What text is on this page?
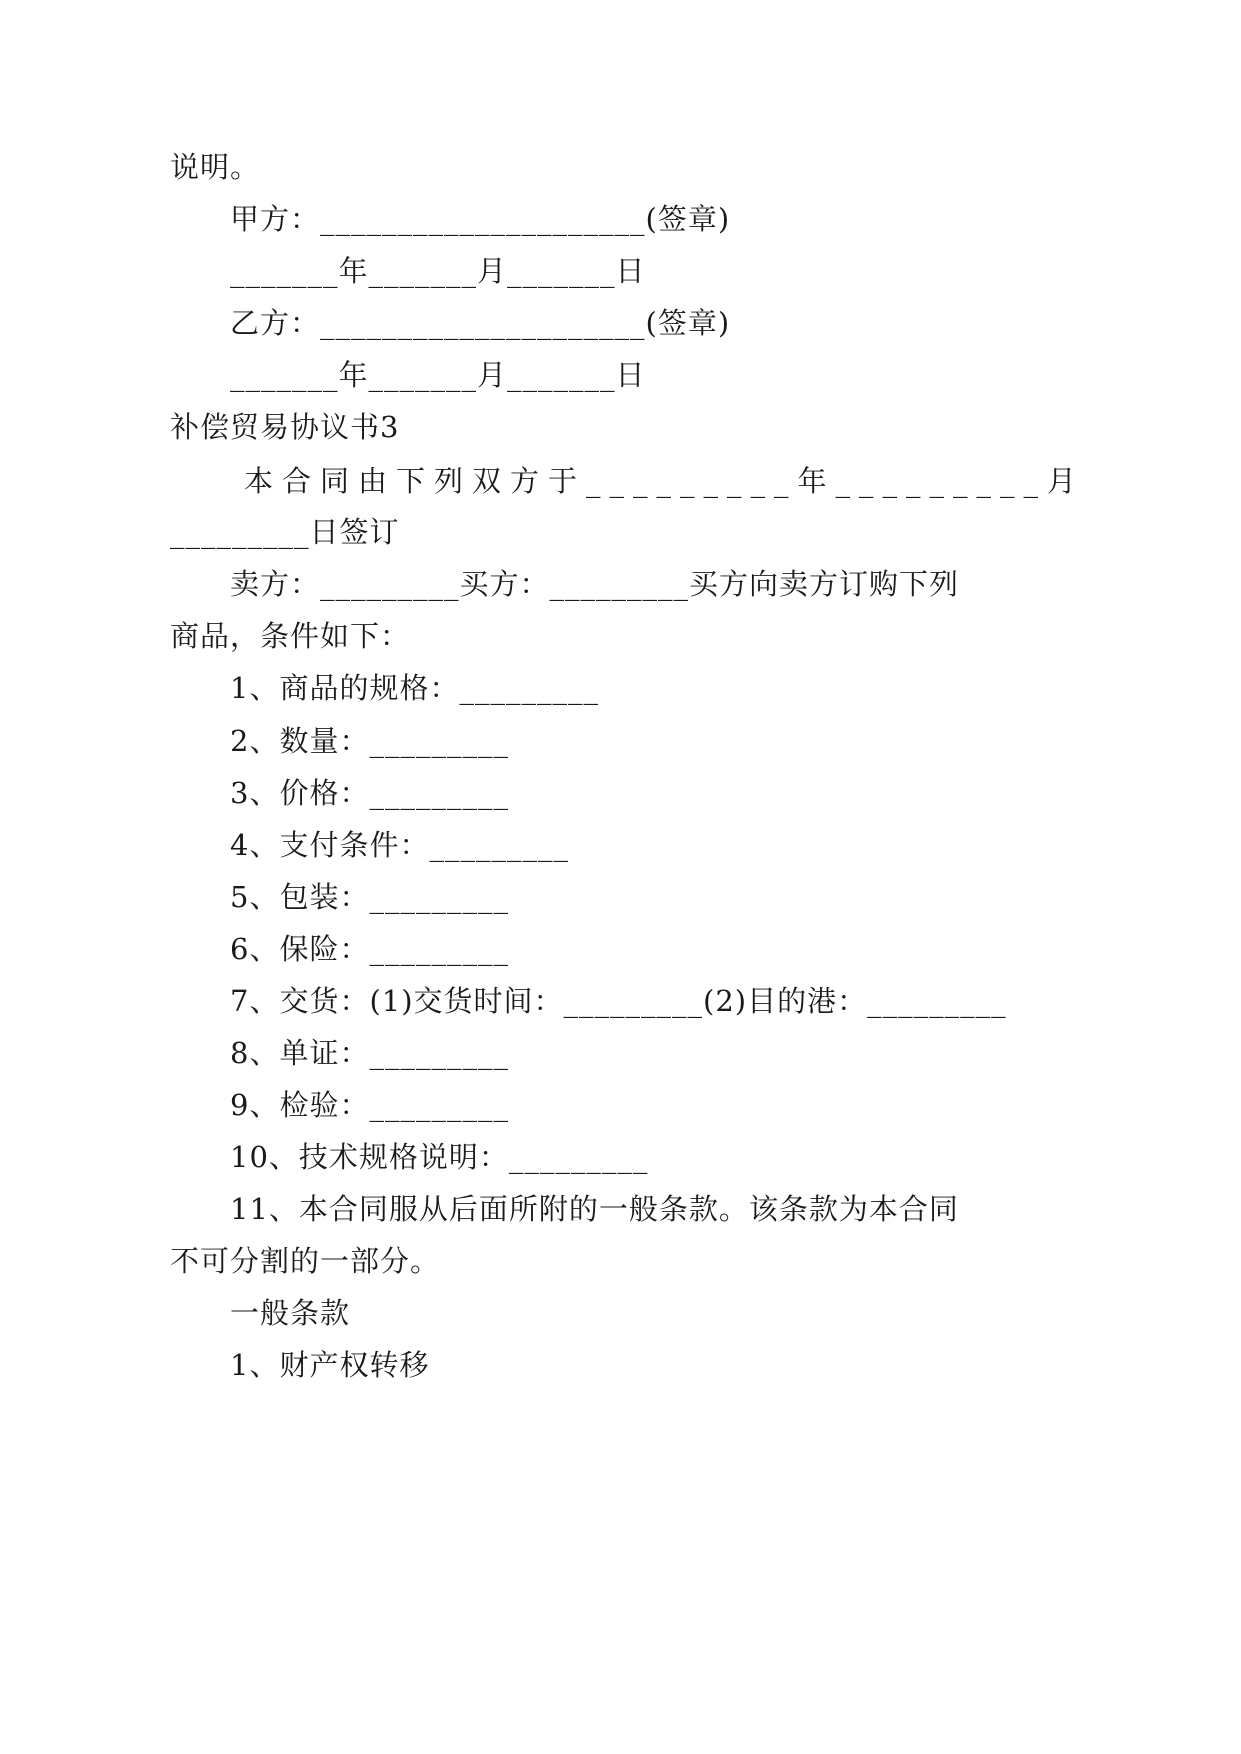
说明。
甲方：_____________________(签章)
_______年_______月_______日
乙方：_____________________(签章)
_______年_______月_______日
补偿贸易协议书3
本合同由下列双方于_________年_________月
_________日签订
卖方：_________买方：_________买方向卖方订购下列
商品，条件如下：
1、商品的规格：_________
2、数量：_________
3、价格：_________
4、支付条件：_________
5、包装：_________
6、保险：_________
7、交货：(1)交货时间：_________(2)目的港：_________
8、单证：_________
9、检验：_________
10、技术规格说明：_________
11、本合同服从后面所附的一般条款。该条款为本合同
不可分割的一部分。
一般条款
1、财产权转移
